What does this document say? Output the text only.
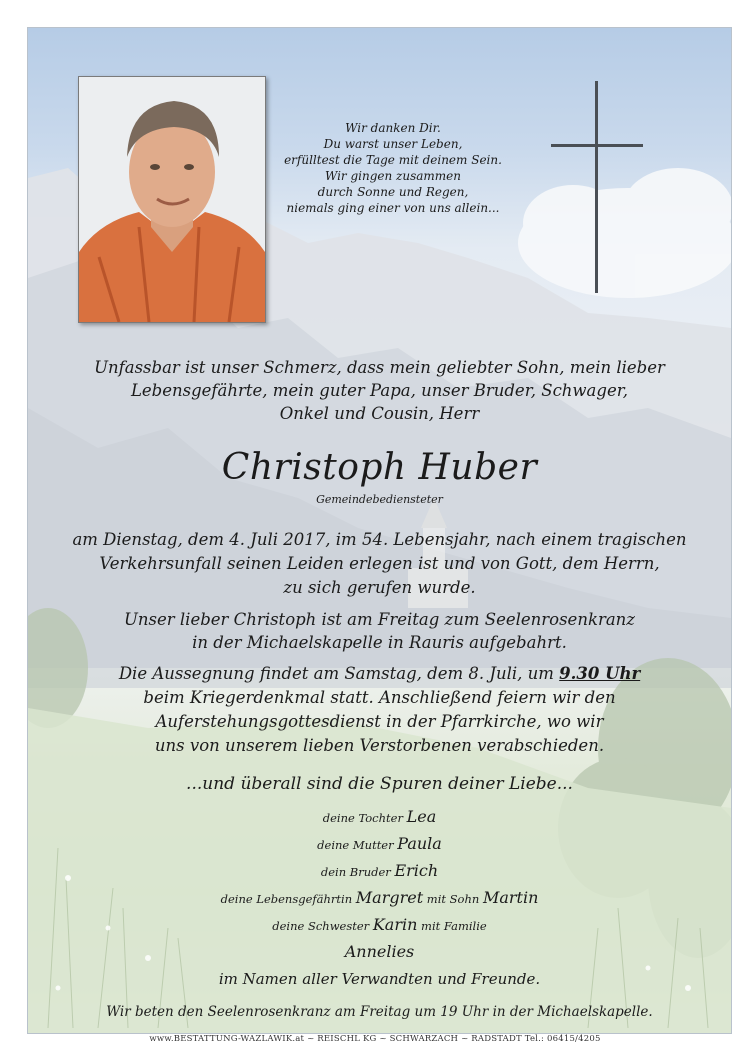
Wir danken Dir.
Du warst unser Leben,
erfülltest die Tage mit deinem Sein.
Wir gingen zusammen
durch Sonne und Regen,
niemals ging einer von uns allein...
Unfassbar ist unser Schmerz, dass mein geliebter Sohn, mein lieber
Lebensgefährte, mein guter Papa, unser Bruder, Schwager,
Onkel und Cousin, Herr
Christoph Huber
Gemeindebediensteter
am Dienstag, dem 4. Juli 2017, im 54. Lebensjahr, nach einem tragischen
Verkehrsunfall seinen Leiden erlegen ist und von Gott, dem Herrn,
zu sich gerufen wurde.
Unser lieber Christoph ist am Freitag zum Seelenrosenkranz
in der Michaelskapelle in Rauris aufgebahrt.
Die Aussegnung findet am Samstag, dem 8. Juli, um 9.30 Uhr
beim Kriegerdenkmal statt. Anschließend feiern wir den
Auferstehungsgottesdienst in der Pfarrkirche, wo wir
uns von unserem lieben Verstorbenen verabschieden.
...und überall sind die Spuren deiner Liebe...
deine Tochter Lea
deine Mutter Paula
dein Bruder Erich
deine Lebensgefährtin Margret mit Sohn Martin
deine Schwester Karin mit Familie
Annelies
im Namen aller Verwandten und Freunde.
Wir beten den Seelenrosenkranz am Freitag um 19 Uhr in der Michaelskapelle.
www.BESTATTUNG-WAZLAWIK.at ~ REISCHL KG ~ SCHWARZACH ~ RADSTADT Tel.: 06415/4205
